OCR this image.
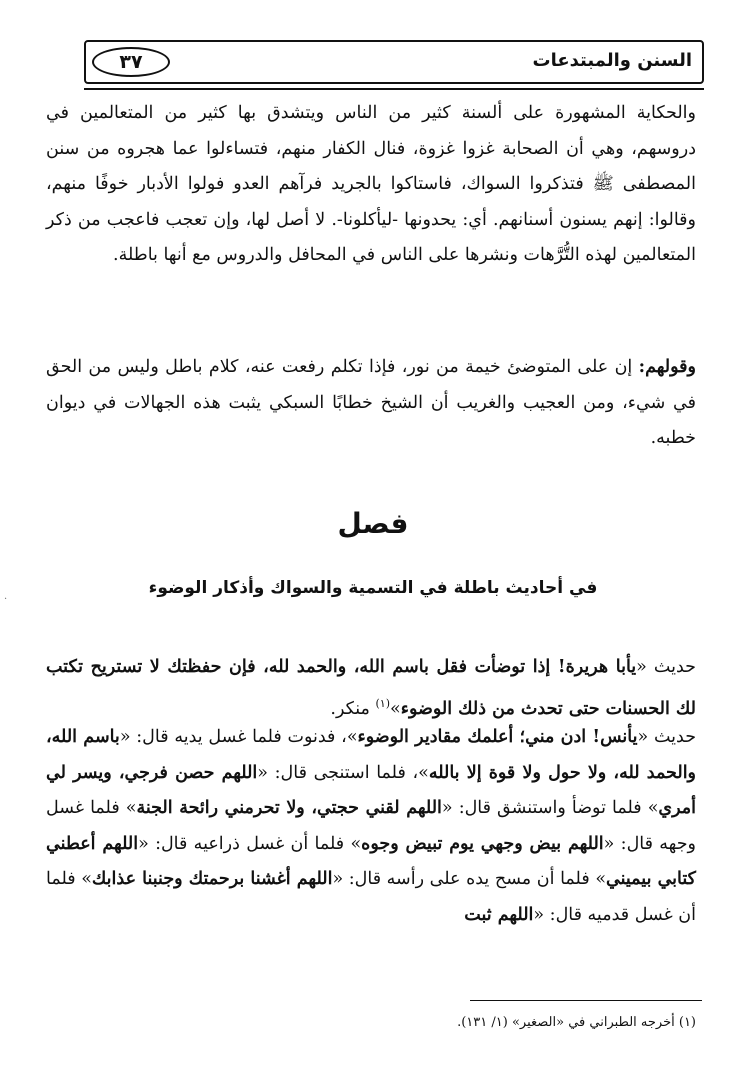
السنن والمبتدعات
٣٧

والحكاية المشهورة على ألسنة كثير من الناس ويتشدق بها كثير من المتعالمين في دروسهم، وهي أن الصحابة غزوا غزوة، فنال الكفار منهم، فتساءلوا عما هجروه من سنن المصطفى ﷺ فتذكروا السواك، فاستاكوا بالجريد فرآهم العدو فولوا الأدبار خوفًا منهم، وقالوا: إنهم يسنون أسنانهم. أي: يحدونها -ليأكلونا-. لا أصل لها، وإن تعجب فاعجب من ذكر المتعالمين لهذه التُّرَّهات ونشرها على الناس في المحافل والدروس مع أنها باطلة.

وقولهم: إن على المتوضئ خيمة من نور، فإذا تكلم رفعت عنه، كلام باطل وليس من الحق في شيء، ومن العجيب والغريب أن الشيخ خطابًا السبكي يثبت هذه الجهالات في ديوان خطبه.

فصل
في أحاديث باطلة في التسمية والسواك وأذكار الوضوء

حديث «يأبا هريرة! إذا توضأت فقل باسم الله، والحمد لله، فإن حفظتك لا تستريح تكتب لك الحسنات حتى تحدث من ذلك الوضوء»$^{(١)}$ منكر.

حديث «يأنس! ادن مني؛ أعلمك مقادير الوضوء»، فدنوت فلما غسل يديه قال: «باسم الله، والحمد لله، ولا حول ولا قوة إلا بالله»، فلما استنجى قال: «اللهم حصن فرجي، ويسر لي أمري» فلما توضأ واستنشق قال: «اللهم لقني حجتي، ولا تحرمني رائحة الجنة» فلما غسل وجهه قال: «اللهم بيض وجهي يوم تبيض وجوه» فلما أن غسل ذراعيه قال: «اللهم أعطني كتابي بيميني» فلما أن مسح يده على رأسه قال: «اللهم أغشنا برحمتك وجنبنا عذابك» فلما أن غسل قدميه قال: «اللهم ثبت

(١) أخرجه الطبراني في «الصغير» (١/ ١٣١).
·
